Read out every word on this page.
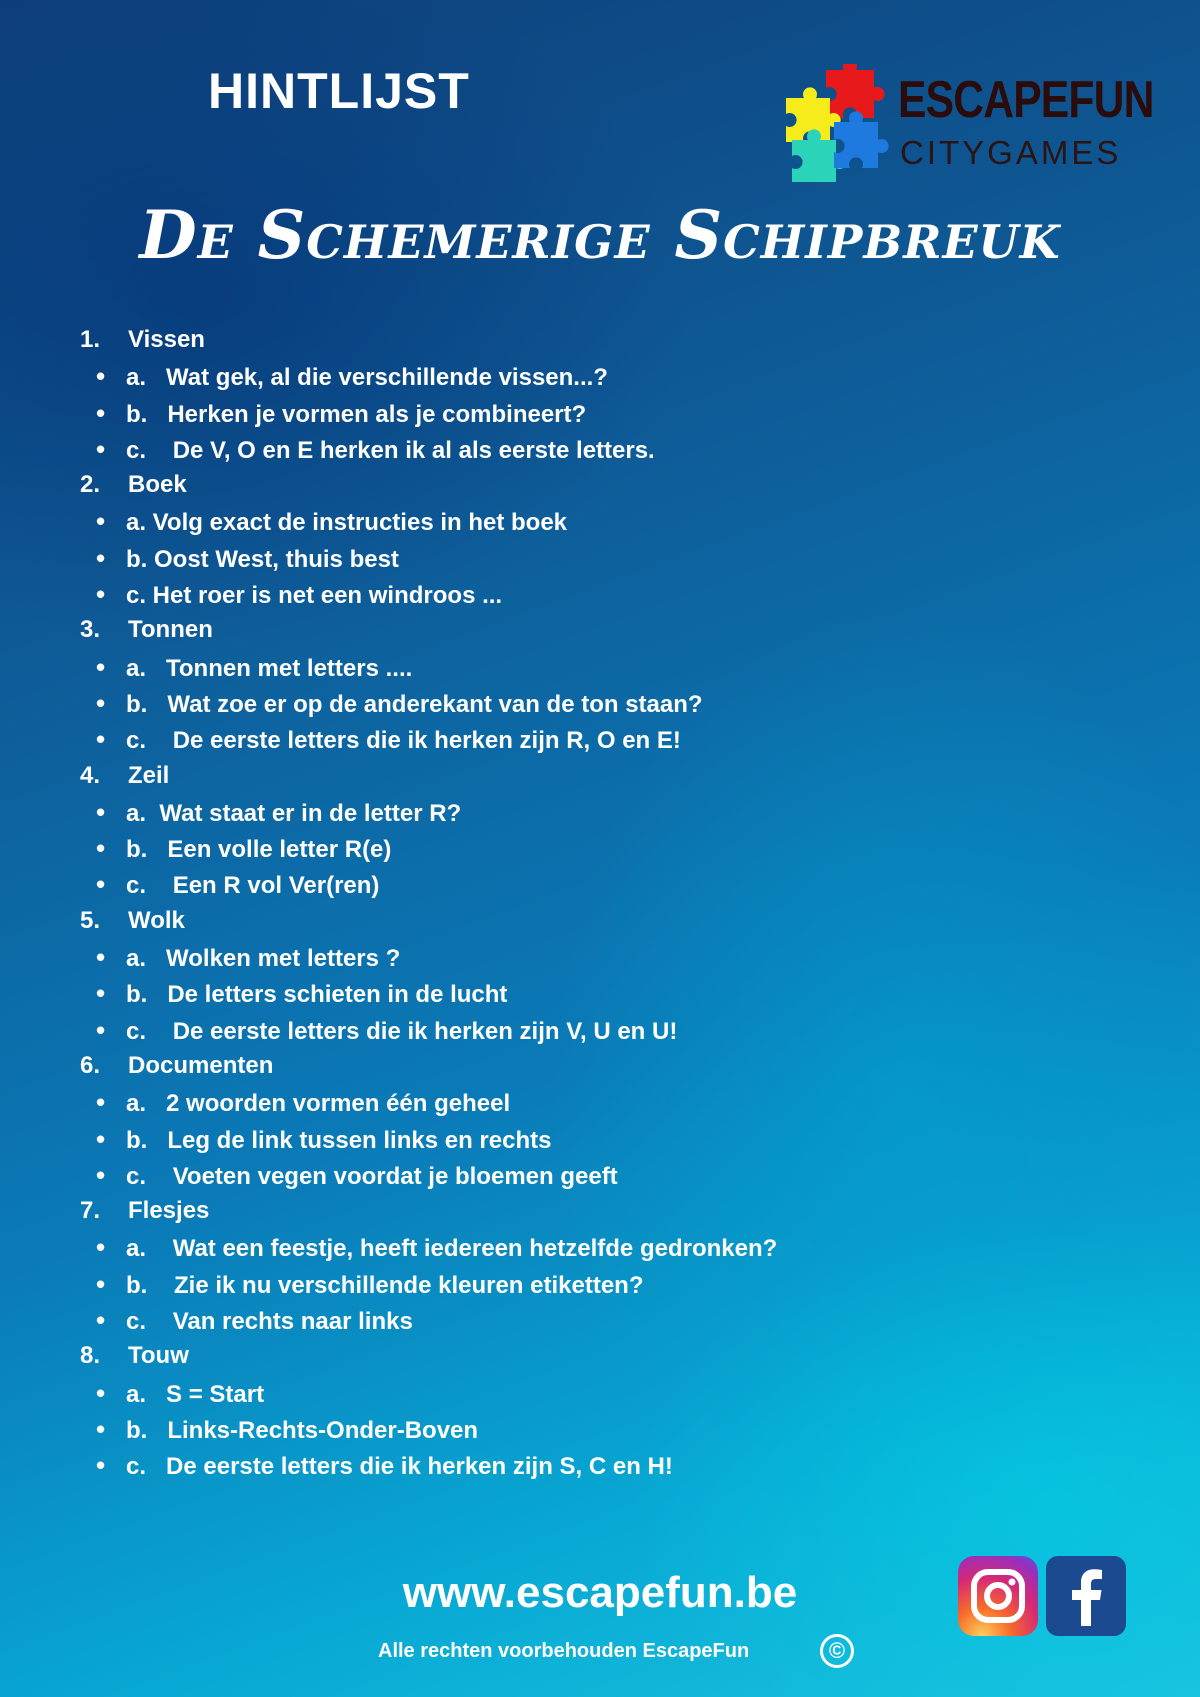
HINTLIJST	ESCAPEFUN
CITYGAMES
De Schemerige Schipbreuk
1. Vissen
• a.   Wat gek, al die verschillende vissen...?
• b.   Herken je vormen als je combineert?
• c.    De V, O en E herken ik al als eerste letters.
2. Boek
• a. Volg exact de instructies in het boek
• b. Oost West, thuis best
• c. Het roer is net een windroos ...
3. Tonnen
• a.   Tonnen met letters ....
• b.   Wat zoe er op de anderekant van de ton staan?
• c.    De eerste letters die ik herken zijn R, O en E!
4. Zeil
• a.  Wat staat er in de letter R?
• b.   Een volle letter R(e)
• c.    Een R vol Ver(ren)
5. Wolk
• a.   Wolken met letters ?
• b.   De letters schieten in de lucht
• c.    De eerste letters die ik herken zijn V, U en U!
6. Documenten
• a.   2 woorden vormen één geheel
• b.   Leg de link tussen links en rechts
• c.    Voeten vegen voordat je bloemen geeft
7. Flesjes
• a.    Wat een feestje, heeft iedereen hetzelfde gedronken?
• b.    Zie ik nu verschillende kleuren etiketten?
• c.    Van rechts naar links
8. Touw
• a.   S = Start
• b.   Links-Rechts-Onder-Boven
• c.   De eerste letters die ik herken zijn S, C en H!
www.escapefun.be
Alle rechten voorbehouden EscapeFun	©
